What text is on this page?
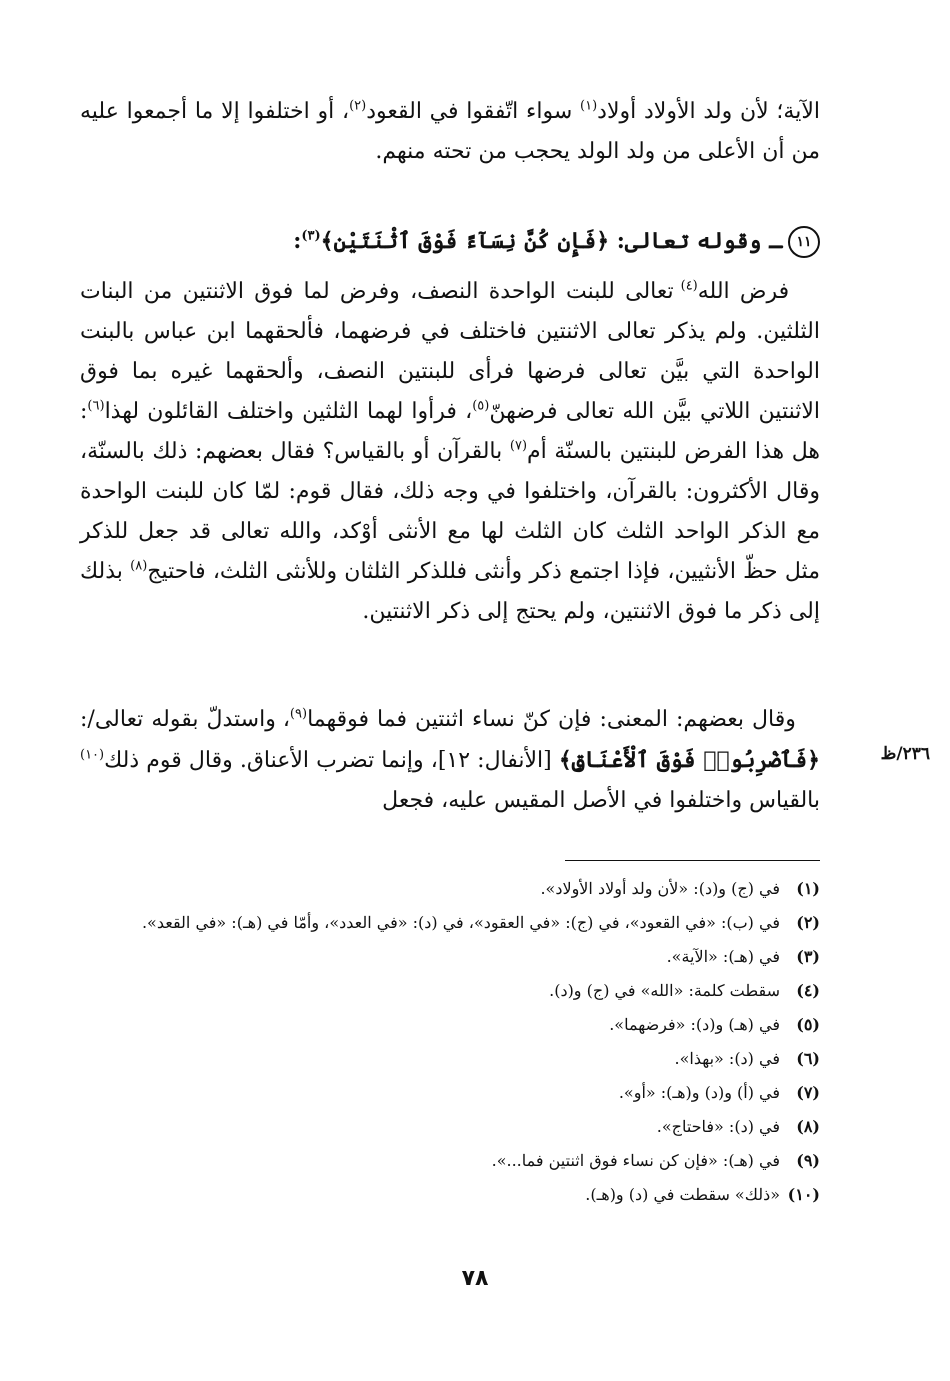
الآية؛ لأن ولد الأولاد أولاد$^{(١)}$ سواء اتّفقوا في القعود$^{(٢)}$، أو اختلفوا إلا ما أجمعوا عليه من أن الأعلى من ولد الولد يحجب من تحته منهم.

١١ـ وقوله تعالى: ﴿فَإِن كُنَّ نِسَآءً فَوْقَ ٱثْنَتَيْنِ﴾$^{(٣)}$:

فرض الله$^{(٤)}$ تعالى للبنت الواحدة النصف، وفرض لما فوق الاثنتين من البنات الثلثين. ولم يذكر تعالى الاثنتين فاختلف في فرضهما، فألحقهما ابن عباس بالبنت الواحدة التي بيَّن تعالى فرضها فرأى للبنتين النصف، وألحقهما غيره بما فوق الاثنتين اللاتي بيَّن الله تعالى فرضهنّ$^{(٥)}$، فرأوا لهما الثلثين واختلف القائلون لهذا$^{(٦)}$: هل هذا الفرض للبنتين بالسنّة أم$^{(٧)}$ بالقرآن أو بالقياس؟ فقال بعضهم: ذلك بالسنّة، وقال الأكثرون: بالقرآن، واختلفوا في وجه ذلك، فقال قوم: لمّا كان للبنت الواحدة مع الذكر الواحد الثلث كان الثلث لها مع الأنثى أوْكد، والله تعالى قد جعل للذكر مثل حظّ الأنثيين، فإذا اجتمع ذكر وأنثى فللذكر الثلثان وللأنثى الثلث، فاحتيج$^{(٨)}$ بذلك إلى ذكر ما فوق الاثنتين، ولم يحتج إلى ذكر الاثنتين.

وقال بعضهم: المعنى: فإن كنّ نساء اثنتين فما فوقهما$^{(٩)}$، واستدلّ بقوله تعالى/: ﴿فَٱضْرِبُوا۟ فَوْقَ ٱلْأَعْنَاقِ﴾ [الأنفال: ١٢]، وإنما تضرب الأعناق. وقال قوم ذلك$^{(١٠)}$ بالقياس واختلفوا في الأصل المقيس عليه، فجعل

٢٣٦/ظ
(١)
في (ج) و(د): «لأن ولد أولاد الأولاد».
(٢)
في (ب): «في القعود»، في (ج): «في العقود»، في (د): «في العدد»، وأمّا في (هـ): «في القعد».
(٣)
في (هـ): «الآية».
(٤)
سقطت كلمة: «الله» في (ج) و(د).
(٥)
في (هـ) و(د): «فرضهما».
(٦)
في (د): «بهذا».
(٧)
في (أ) و(د) و(هـ): «أو».
(٨)
في (د): «فاحتاج».
(٩)
في (هـ): «فإن كن نساء فوق اثنتين فما...».
(١٠)
«ذلك» سقطت في (د) و(هـ).
٧٨
